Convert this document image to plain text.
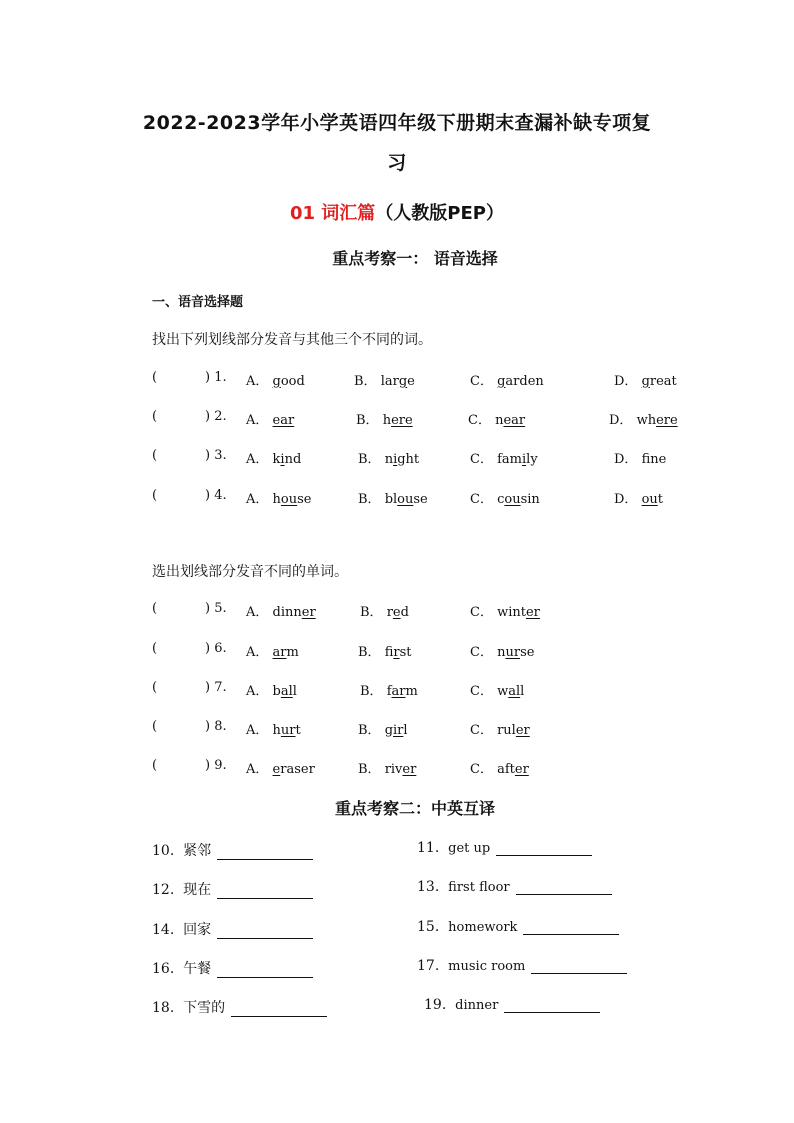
2022-2023学年小学英语四年级下册期末查漏补缺专项复
习
01 词汇篇（人教版PEP）
重点考察一： 语音选择
一、语音选择题
找出下列划线部分发音与其他三个不同的词。
选出划线部分发音不同的单词。
重点考察二：中英互译
(	) 1. A． good	B． large	C． garden	D． great
(	) 2. A． ear	B． here	C． near	D． where
(	) 3. A． kind	B． night	C． family	D． fne
(	) 4. A． house	B． blouse	C． cousin	D． out
(	) 5. A． dinner	B． red	C． winter
(	) 6. A． arm	B． first	C． nurse
(	) 7. A． ball	B． farm	C． wall
(	) 8. A． hurt	B． girl	C． ruler
(	) 9. A． eraser	B． river	C． after
10.  紧邻	11.  get up
12.  现在	13.  first floor
14.  回家	15.  homework
16.  午餐	17.  music room
18.  下雪的	19.  dinner
